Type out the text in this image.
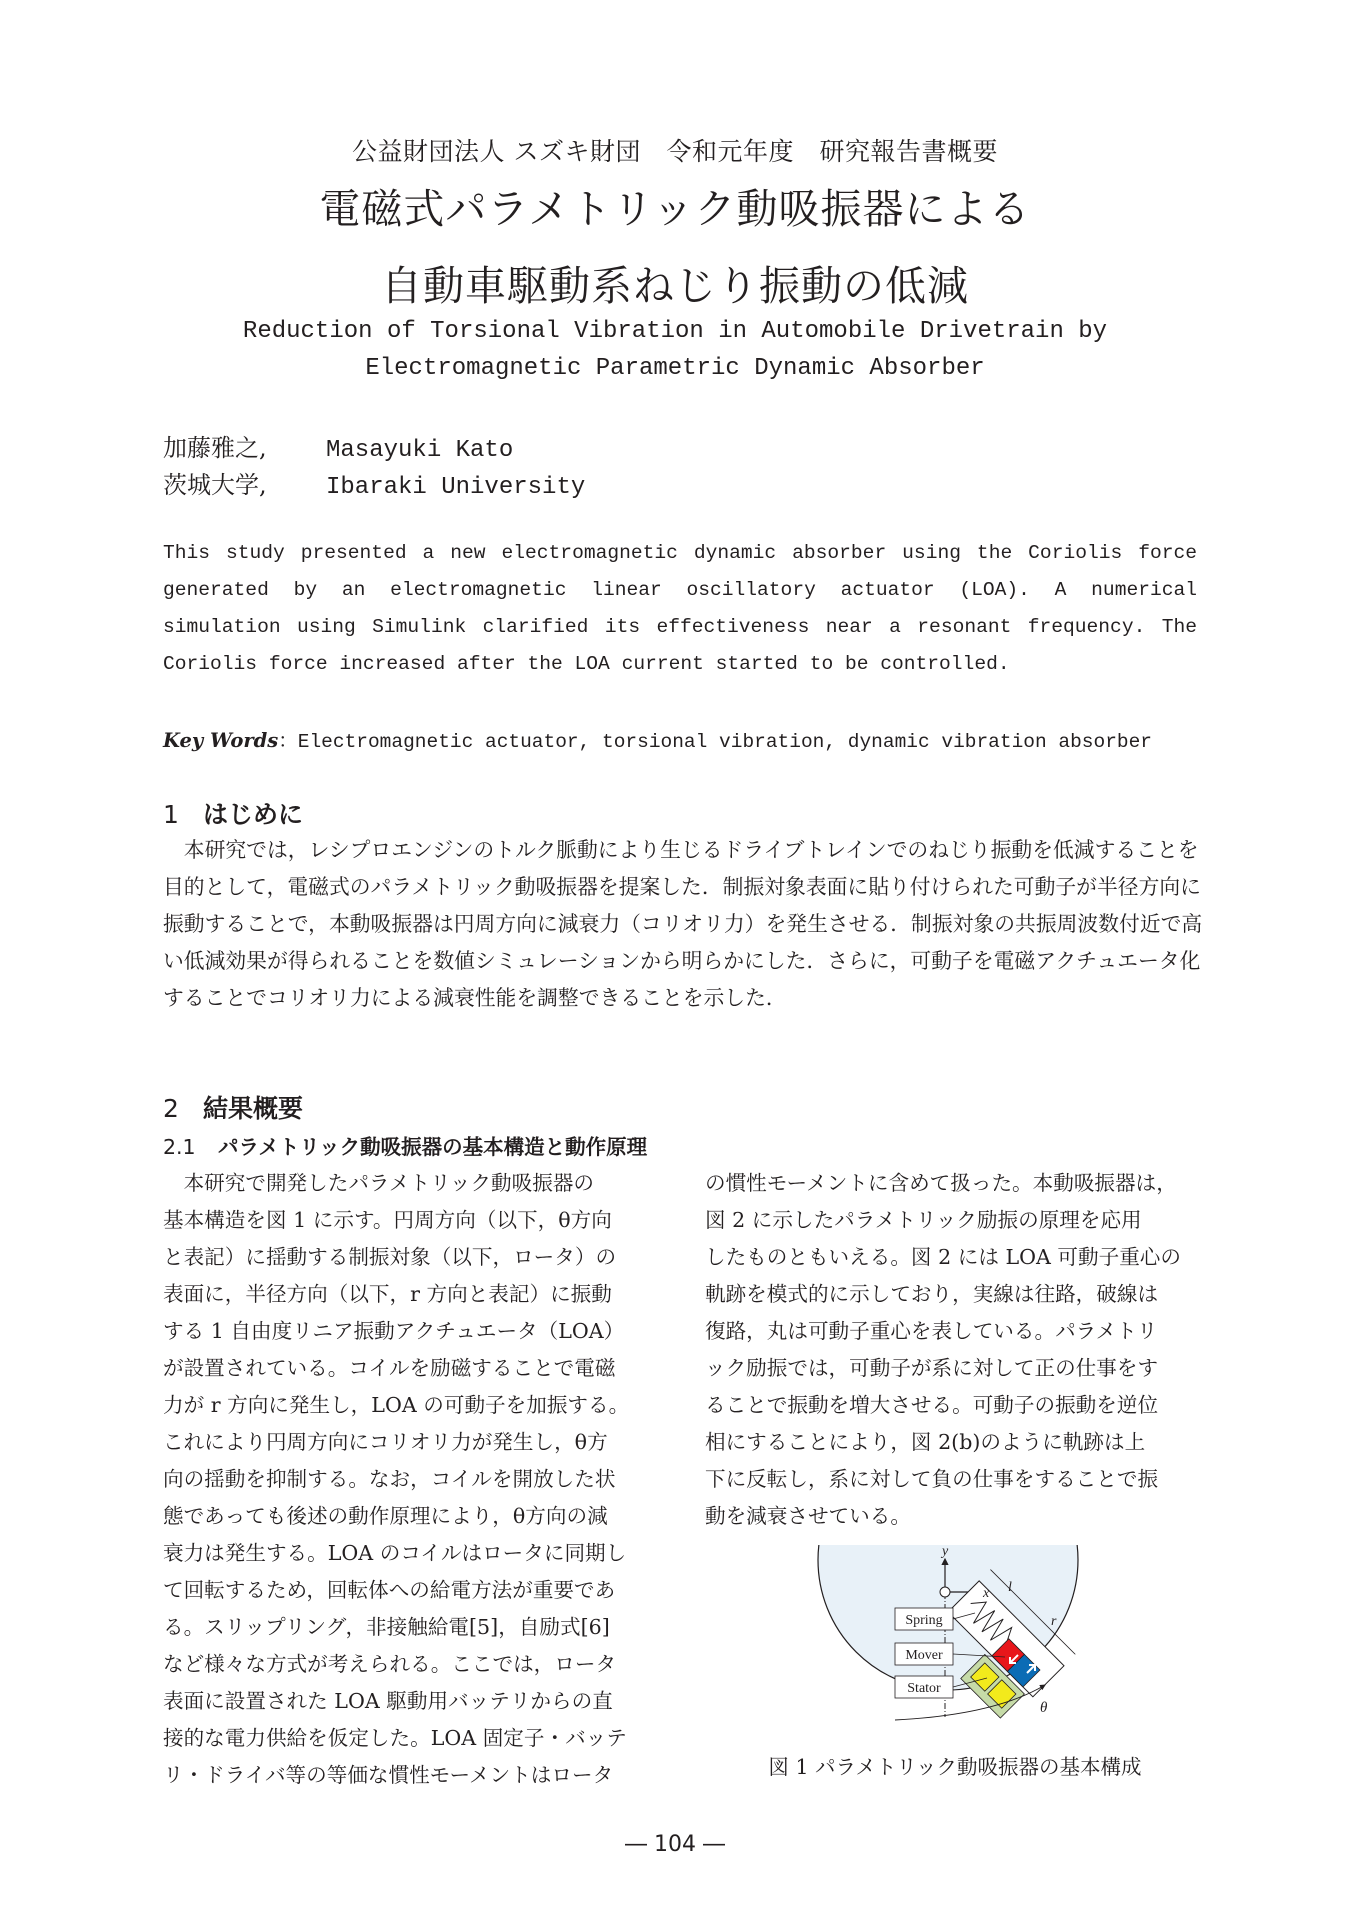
公益財団法人 スズキ財団　令和元年度　研究報告書概要
電磁式パラメトリック動吸振器による
自動車駆動系ねじり振動の低減
Reduction of Torsional Vibration in Automobile Drivetrain by
Electromagnetic Parametric Dynamic Absorber
加藤雅之, Masayuki Kato
茨城大学, Ibaraki University
This study presented a new electromagnetic dynamic absorber using the Coriolis force generated by an electromagnetic linear oscillatory actuator (LOA). A numerical simulation using Simulink clarified its effectiveness near a resonant frequency. The Coriolis force increased after the LOA current started to be controlled.
Key Words：Electromagnetic actuator, torsional vibration, dynamic vibration absorber
1 はじめに

本研究では，レシプロエンジンのトルク脈動により生じるドライブトレインでのねじり振動を低減することを目的として，電磁式のパラメトリック動吸振器を提案した．制振対象表面に貼り付けられた可動子が半径方向に振動することで，本動吸振器は円周方向に減衰力（コリオリ力）を発生させる．制振対象の共振周波数付近で高い低減効果が得られることを数値シミュレーションから明らかにした．さらに，可動子を電磁アクチュエータ化することでコリオリ力による減衰性能を調整できることを示した．

2 結果概要
2.1 パラメトリック動吸振器の基本構造と動作原理
本研究で開発したパラメトリック動吸振器の
基本構造を図 1 に示す。円周方向（以下，θ方向
と表記）に揺動する制振対象（以下，ロータ）の
表面に，半径方向（以下，r 方向と表記）に振動
する 1 自由度リニア振動アクチュエータ（LOA）
が設置されている。コイルを励磁することで電磁
力が r 方向に発生し，LOA の可動子を加振する。
これにより円周方向にコリオリ力が発生し，θ方
向の揺動を抑制する。なお，コイルを開放した状
態であっても後述の動作原理により，θ方向の減
衰力は発生する。LOA のコイルはロータに同期し
て回転するため，回転体への給電方法が重要であ
る。スリップリング，非接触給電[5]，自励式[6]
など様々な方式が考えられる。ここでは，ロータ
表面に設置された LOA 駆動用バッテリからの直
接的な電力供給を仮定した。LOA 固定子・バッテ
リ・ドライバ等の等価な慣性モーメントはロータ
の慣性モーメントに含めて扱った。本動吸振器は，
図 2 に示したパラメトリック励振の原理を応用
したものともいえる。図 2 には LOA 可動子重心の
軌跡を模式的に示しており，実線は往路，破線は
復路，丸は可動子重心を表している。パラメトリ
ック励振では，可動子が系に対して正の仕事をす
ることで振動を増大させる。可動子の振動を逆位
相にすることにより，図 2(b)のように軌跡は上
下に反転し，系に対して負の仕事をすることで振
動を減衰させている。
Spring
Mover
Stator
y
x l
r
θ
図 1 パラメトリック動吸振器の基本構成
― 104 ―
